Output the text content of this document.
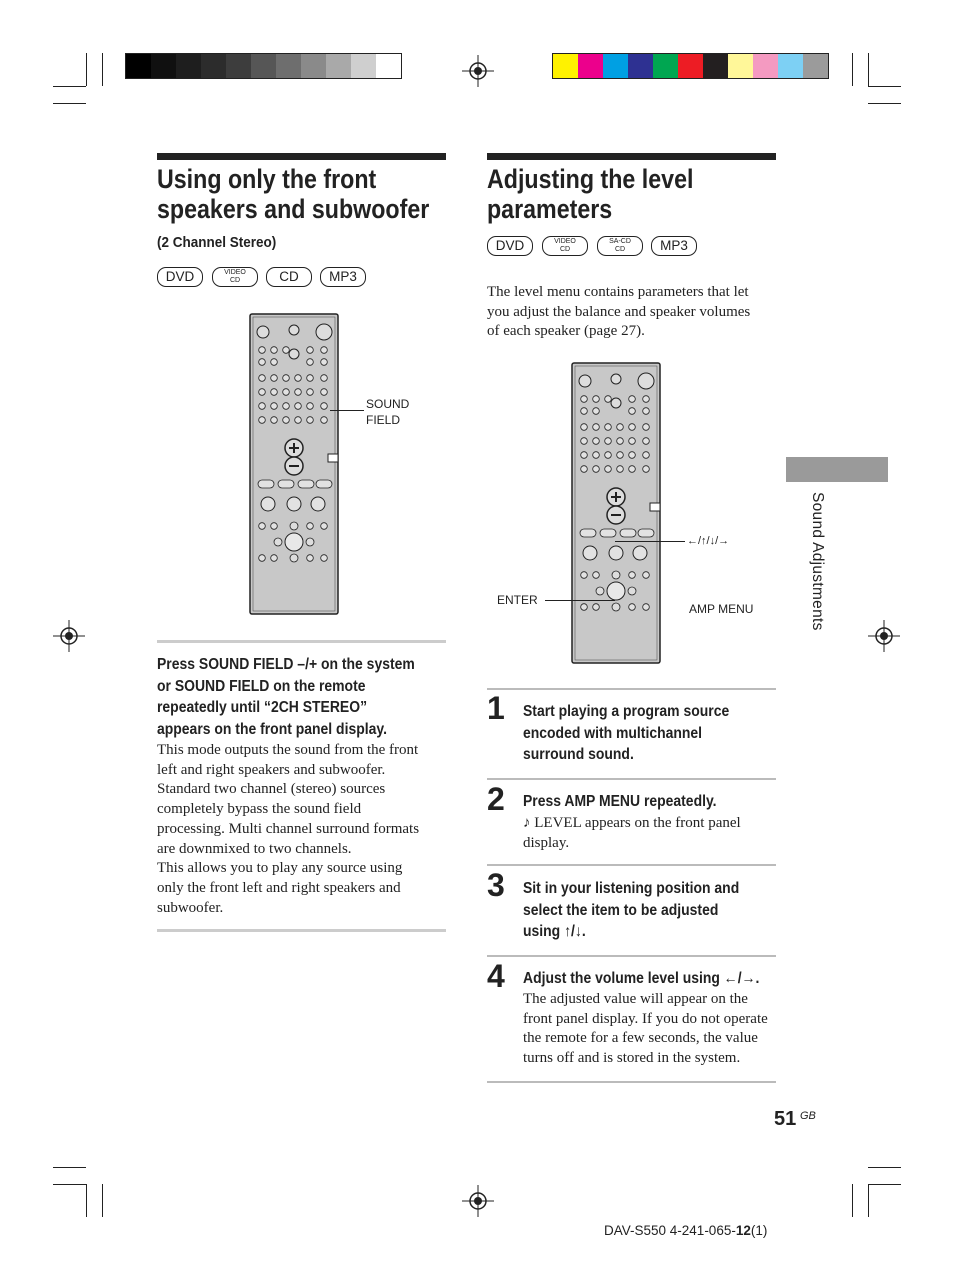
Using only the front
speakers and subwoofer
(2 Channel Stereo)
DVD	VIDEO CD	CD	MP3
SOUND
FIELD
Press SOUND FIELD –/+ on the system
or SOUND FIELD on the remote
repeatedly until “2CH STEREO”
appears on the front panel display.
This mode outputs the sound from the front
left and right speakers and subwoofer.
Standard two channel (stereo) sources
completely bypass the sound field
processing. Multi channel surround formats
are downmixed to two channels.
This allows you to play any source using
only the front left and right speakers and
subwoofer.
Adjusting the level
parameters
DVD	VIDEO CD
SA-CD CD	MP3
The level menu contains parameters that let
you adjust the balance and speaker volumes
of each speaker (page 27).
←/↑/↓/→
ENTER
AMP MENU
1 Start playing a program source
encoded with multichannel
surround sound.
2 Press AMP MENU repeatedly.
♪ LEVEL appears on the front panel
display.
3 Sit in your listening position and
select the item to be adjusted
using ↑/↓.
4 Adjust the volume level using ←/→.
The adjusted value will appear on the
front panel display. If you do not operate
the remote for a few seconds, the value
turns off and is stored in the system.
Sound Adjustments
51 GB
DAV-S550 4-241-065-12(1)
